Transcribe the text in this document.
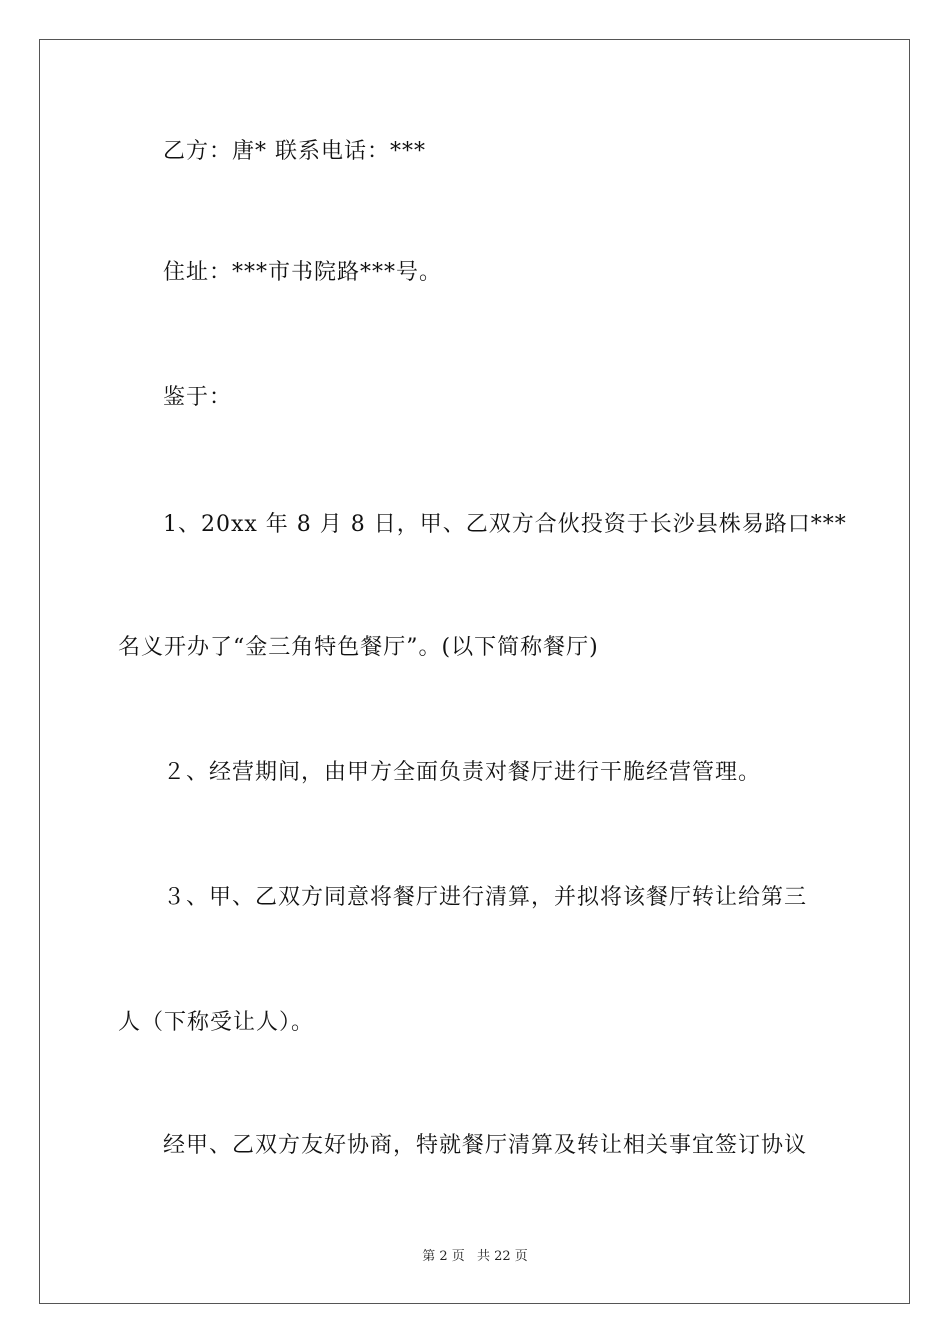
乙方：唐* 联系电话：***
住址：***市书院路***号。
鉴于：
1、20xx 年 8 月 8 日，甲、乙双方合伙投资于长沙县株易路口***
名义开办了“金三角特色餐厅”。(以下简称餐厅)
２、经营期间，由甲方全面负责对餐厅进行干脆经营管理。
３、甲、乙双方同意将餐厅进行清算，并拟将该餐厅转让给第三
人（下称受让人）。
经甲、乙双方友好协商，特就餐厅清算及转让相关事宜签订协议
第 2 页 共 22 页
